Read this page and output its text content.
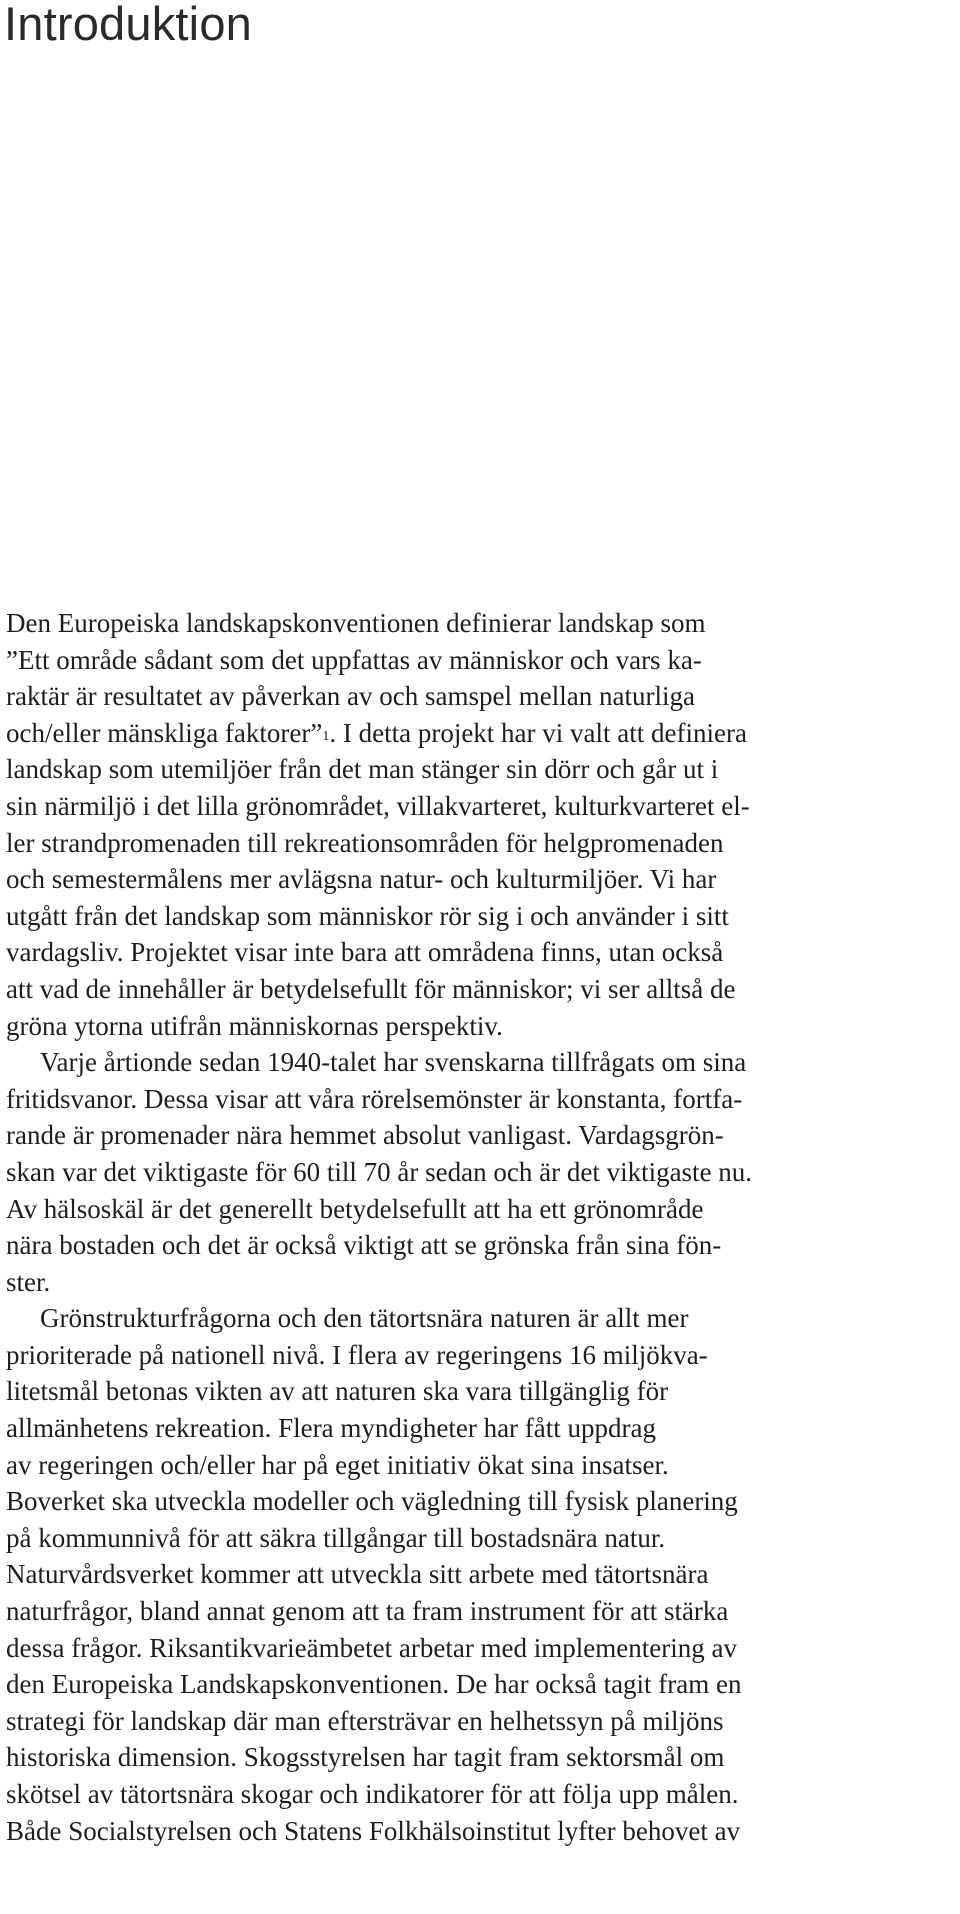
Introduktion
Den Europeiska landskapskonventionen definierar landskap som
”Ett område sådant som det uppfattas av människor och vars ka-
raktär är resultatet av påverkan av och samspel mellan naturliga
och/eller mänskliga faktorer”$^1$. I detta projekt har vi valt att definiera
landskap som utemiljöer från det man stänger sin dörr och går ut i
sin närmiljö i det lilla grönområdet, villakvarteret, kulturkvarteret el-
ler strandpromenaden till rekreationsområden för helgpromenaden
och semestermålens mer avlägsna natur- och kulturmiljöer. Vi har
utgått från det landskap som människor rör sig i och använder i sitt
vardagsliv. Projektet visar inte bara att områdena finns, utan också
att vad de innehåller är betydelsefullt för människor; vi ser alltså de
gröna ytorna utifrån människornas perspektiv.
Varje årtionde sedan 1940-talet har svenskarna tillfrågats om sina
fritidsvanor. Dessa visar att våra rörelsemönster är konstanta, fortfa-
rande är promenader nära hemmet absolut vanligast. Vardagsgrön-
skan var det viktigaste för 60 till 70 år sedan och är det viktigaste nu.
Av hälsoskäl är det generellt betydelsefullt att ha ett grönområde
nära bostaden och det är också viktigt att se grönska från sina fön-
ster.
Grönstrukturfrågorna och den tätortsnära naturen är allt mer
prioriterade på nationell nivå. I flera av regeringens 16 miljökva-
litetsmål betonas vikten av att naturen ska vara tillgänglig för
allmänhetens rekreation. Flera myndigheter har fått uppdrag
av regeringen och/eller har på eget initiativ ökat sina insatser.
Boverket ska utveckla modeller och vägledning till fysisk planering
på kommunnivå för att säkra tillgångar till bostadsnära natur.
Naturvårdsverket kommer att utveckla sitt arbete med tätortsnära
naturfrågor, bland annat genom att ta fram instrument för att stärka
dessa frågor. Riksantikvarieämbetet arbetar med implementering av
den Europeiska Landskapskonventionen. De har också tagit fram en
strategi för landskap där man eftersträvar en helhetssyn på miljöns
historiska dimension. Skogsstyrelsen har tagit fram sektorsmål om
skötsel av tätortsnära skogar och indikatorer för att följa upp målen.
Både Socialstyrelsen och Statens Folkhälsoinstitut lyfter behovet av
